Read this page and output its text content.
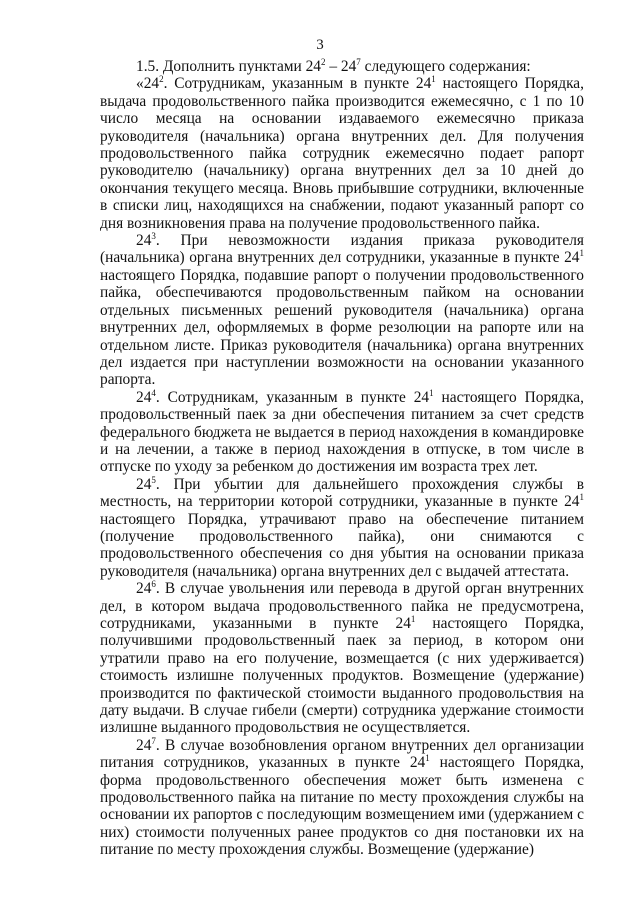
3

1.5. Дополнить пунктами $24^2 - 24^7$ следующего содержания:

«$24^2$. Сотрудникам, указанным в пункте $24^1$ настоящего Порядка, выдача продовольственного пайка производится ежемесячно, с 1 по 10 число месяца на основании издаваемого ежемесячно приказа руководителя (начальника) органа внутренних дел. Для получения продовольственного пайка сотрудник ежемесячно подает рапорт руководителю (начальнику) органа внутренних дел за 10 дней до окончания текущего месяца. Вновь прибывшие сотрудники, включенные в списки лиц, находящихся на снабжении, подают указанный рапорт со дня возникновения права на получение продовольственного пайка.

$24^3$. При невозможности издания приказа руководителя (начальника) органа внутренних дел сотрудники, указанные в пункте $24^1$ настоящего Порядка, подавшие рапорт о получении продовольственного пайка, обеспечиваются продовольственным пайком на основании отдельных письменных решений руководителя (начальника) органа внутренних дел, оформляемых в форме резолюции на рапорте или на отдельном листе. Приказ руководителя (начальника) органа внутренних дел издается при наступлении возможности на основании указанного рапорта.

$24^4$. Сотрудникам, указанным в пункте $24^1$ настоящего Порядка, продовольственный паек за дни обеспечения питанием за счет средств федерального бюджета не выдается в период нахождения в командировке и на лечении, а также в период нахождения в отпуске, в том числе в отпуске по уходу за ребенком до достижения им возраста трех лет.

$24^5$. При убытии для дальнейшего прохождения службы в местность, на территории которой сотрудники, указанные в пункте $24^1$ настоящего Порядка, утрачивают право на обеспечение питанием (получение продовольственного пайка), они снимаются с продовольственного обеспечения со дня убытия на основании приказа руководителя (начальника) органа внутренних дел с выдачей аттестата.

$24^6$. В случае увольнения или перевода в другой орган внутренних дел, в котором выдача продовольственного пайка не предусмотрена, сотрудниками, указанными в пункте $24^1$ настоящего Порядка, получившими продовольственный паек за период, в котором они утратили право на его получение, возмещается (с них удерживается) стоимость излишне полученных продуктов. Возмещение (удержание) производится по фактической стоимости выданного продовольствия на дату выдачи. В случае гибели (смерти) сотрудника удержание стоимости излишне выданного продовольствия не осуществляется.

$24^7$. В случае возобновления органом внутренних дел организации питания сотрудников, указанных в пункте $24^1$ настоящего Порядка, форма продовольственного обеспечения может быть изменена с продовольственного пайка на питание по месту прохождения службы на основании их рапортов с последующим возмещением ими (удержанием с них) стоимости полученных ранее продуктов со дня постановки их на питание по месту прохождения службы. Возмещение (удержание)
